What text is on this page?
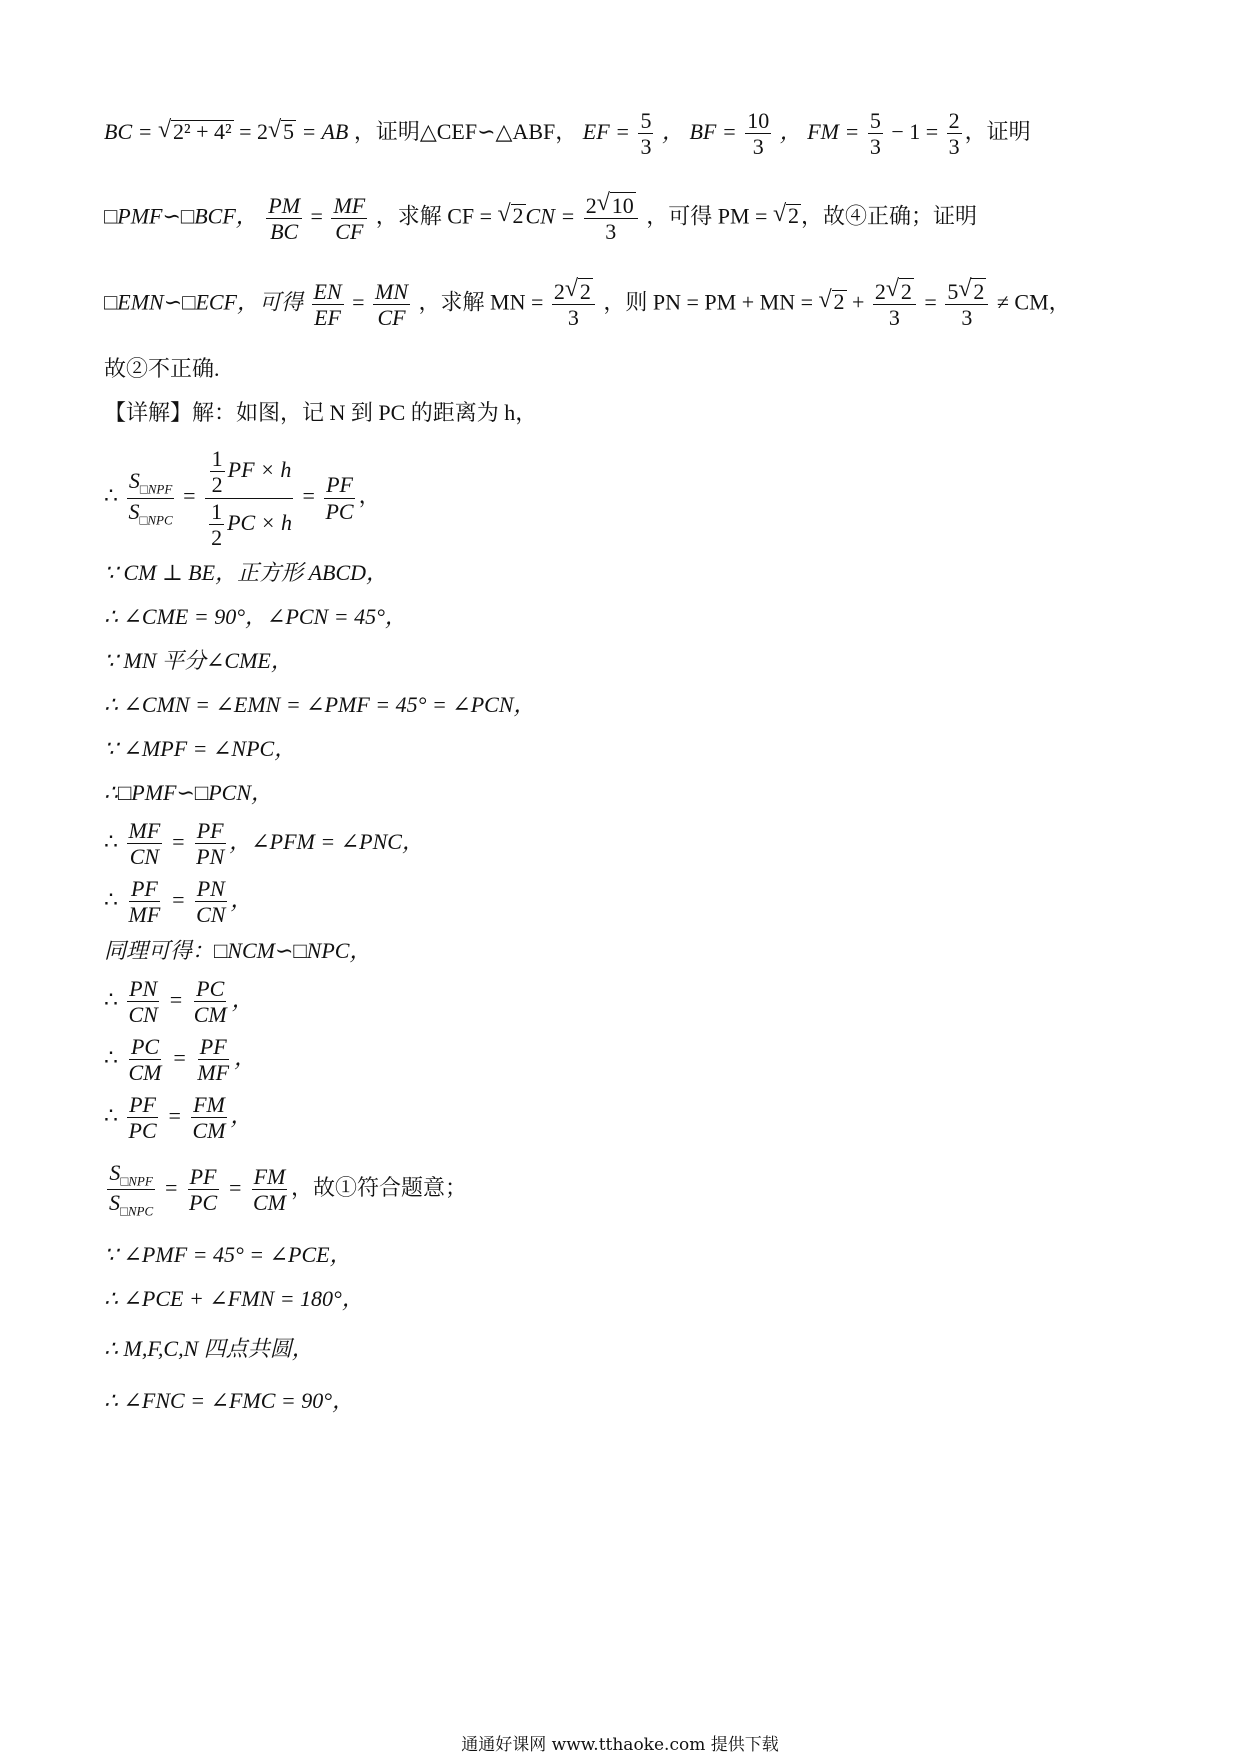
BC = √ 2² + 4² = 2 √ 5 = AB ，证明△CEF∽△ABF， EF = $\frac{5}{3}$ ， BF = $\frac{10}{3}$ ， FM = $\frac{5}{3} - 1 = \frac{2}{3}$ ，证明
□PMF∽□BCF， $\frac{PM}{BC} = \frac{MF}{CF}$ ，求解 CF = √ $2CN = \frac{2 √ 10}{3}$ ，可得 PM = √ 2，故④正确；证明
□EMN∽□ECF，可得 $\frac{EN}{EF} = \frac{MN}{CF}$ ，求解 MN = $\frac{2 √ 2}{3}$ ，则 PN = PM + MN = √ $2 + \frac{2 √ 2}{3} = \frac{5 √ 2}{3}$ ≠ CM，
故②不正确.
【详解】解：如图，记 N 到 PC 的距离为 h，
∴
$S_{□NPF}$
$S_{□NPC}$
= $\frac{\frac{1}{2} PF \times h}{\frac{1}{2} PC \times h} = \frac{PF}{PC}$ ，
∵ CM ⊥ BE，正方形 ABCD，
∴ ∠CME = 90°，∠PCN = 45°，
∵ MN 平分∠CME，
∴ ∠CMN = ∠EMN = ∠PMF = 45° = ∠PCN，
∵ ∠MPF = ∠NPC，
∴□PMF∽□PCN，
∴ $\frac{MF}{CN} = \frac{PF}{PN}$ ，∠PFM = ∠PNC，
∴ $\frac{PF}{MF} = \frac{PN}{CN}$ ，
同理可得：□NCM∽□NPC，
∴ $\frac{PN}{CN} = \frac{PC}{CM}$ ，
∴ $\frac{PC}{CM} = \frac{PF}{MF}$ ，
∴ $\frac{PF}{PC} = \frac{FM}{CM}$ ，
$S_{□NPF}$
$S_{□NPC}$
= $\frac{PF}{PC} = \frac{FM}{CM}$ ，故①符合题意；
∵ ∠PMF = 45° = ∠PCE，
∴ ∠PCE + ∠FMN = 180°，
∴ M,F,C,N 四点共圆，
∴ ∠FNC = ∠FMC = 90°，
通通好课网 www.tthaoke.com 提供下载
